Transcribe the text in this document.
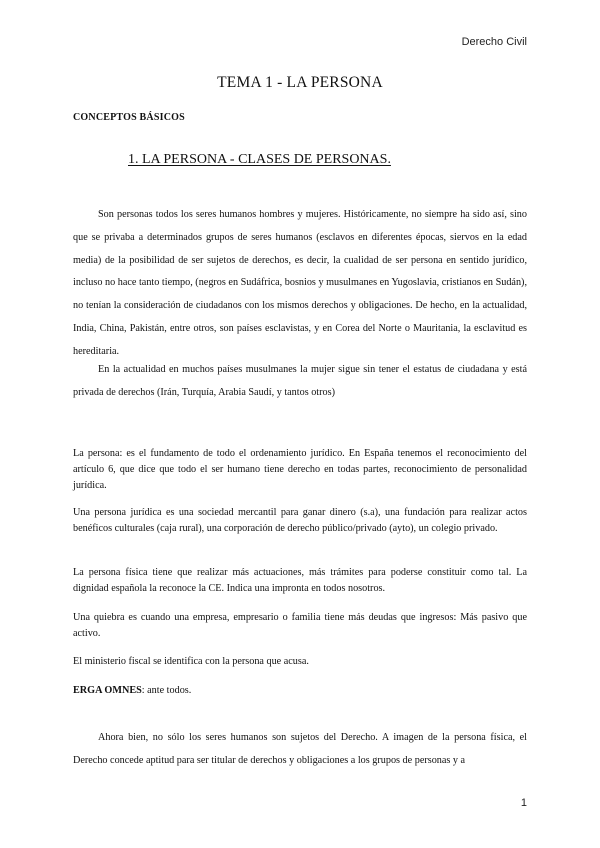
Derecho Civil
TEMA 1 - LA PERSONA
CONCEPTOS BÁSICOS
1. LA PERSONA - CLASES DE PERSONAS.

Son personas todos los seres humanos hombres y mujeres. Históricamente, no siempre ha sido así, sino que se privaba a determinados grupos de seres humanos (esclavos en diferentes épocas, siervos en la edad media) de la posibilidad de ser sujetos de derechos, es decir, la cualidad de ser persona en sentido jurídico, incluso no hace tanto tiempo, (negros en Sudáfrica, bosnios y musulmanes en Yugoslavia, cristianos en Sudán), no tenían la consideración de ciudadanos con los mismos derechos y obligaciones. De hecho, en la actualidad, India, China, Pakistán, entre otros, son países esclavistas, y en Corea del Norte o Mauritania, la esclavitud es hereditaria.

En la actualidad en muchos países musulmanes la mujer sigue sin tener el estatus de ciudadana y está privada de derechos (Irán, Turquía, Arabia Saudí, y tantos otros)

La persona: es el fundamento de todo el ordenamiento jurídico. En España tenemos el reconocimiento del artículo 6, que dice que todo el ser humano tiene derecho en todas partes, reconocimiento de personalidad jurídica.

Una persona jurídica es una sociedad mercantil para ganar dinero (s.a), una fundación para realizar actos benéficos culturales (caja rural), una corporación de derecho público/privado (ayto), un colegio privado.

La persona física tiene que realizar más actuaciones, más trámites para poderse constituir como tal. La dignidad española la reconoce la CE. Indica una impronta en todos nosotros.

Una quiebra es cuando una empresa, empresario o familia tiene más deudas que ingresos: Más pasivo que activo.

El ministerio fiscal se identifica con la persona que acusa.

ERGA OMNES: ante todos.

Ahora bien, no sólo los seres humanos son sujetos del Derecho. A imagen de la persona física, el Derecho concede aptitud para ser titular de derechos y obligaciones a los grupos de personas y a

1
